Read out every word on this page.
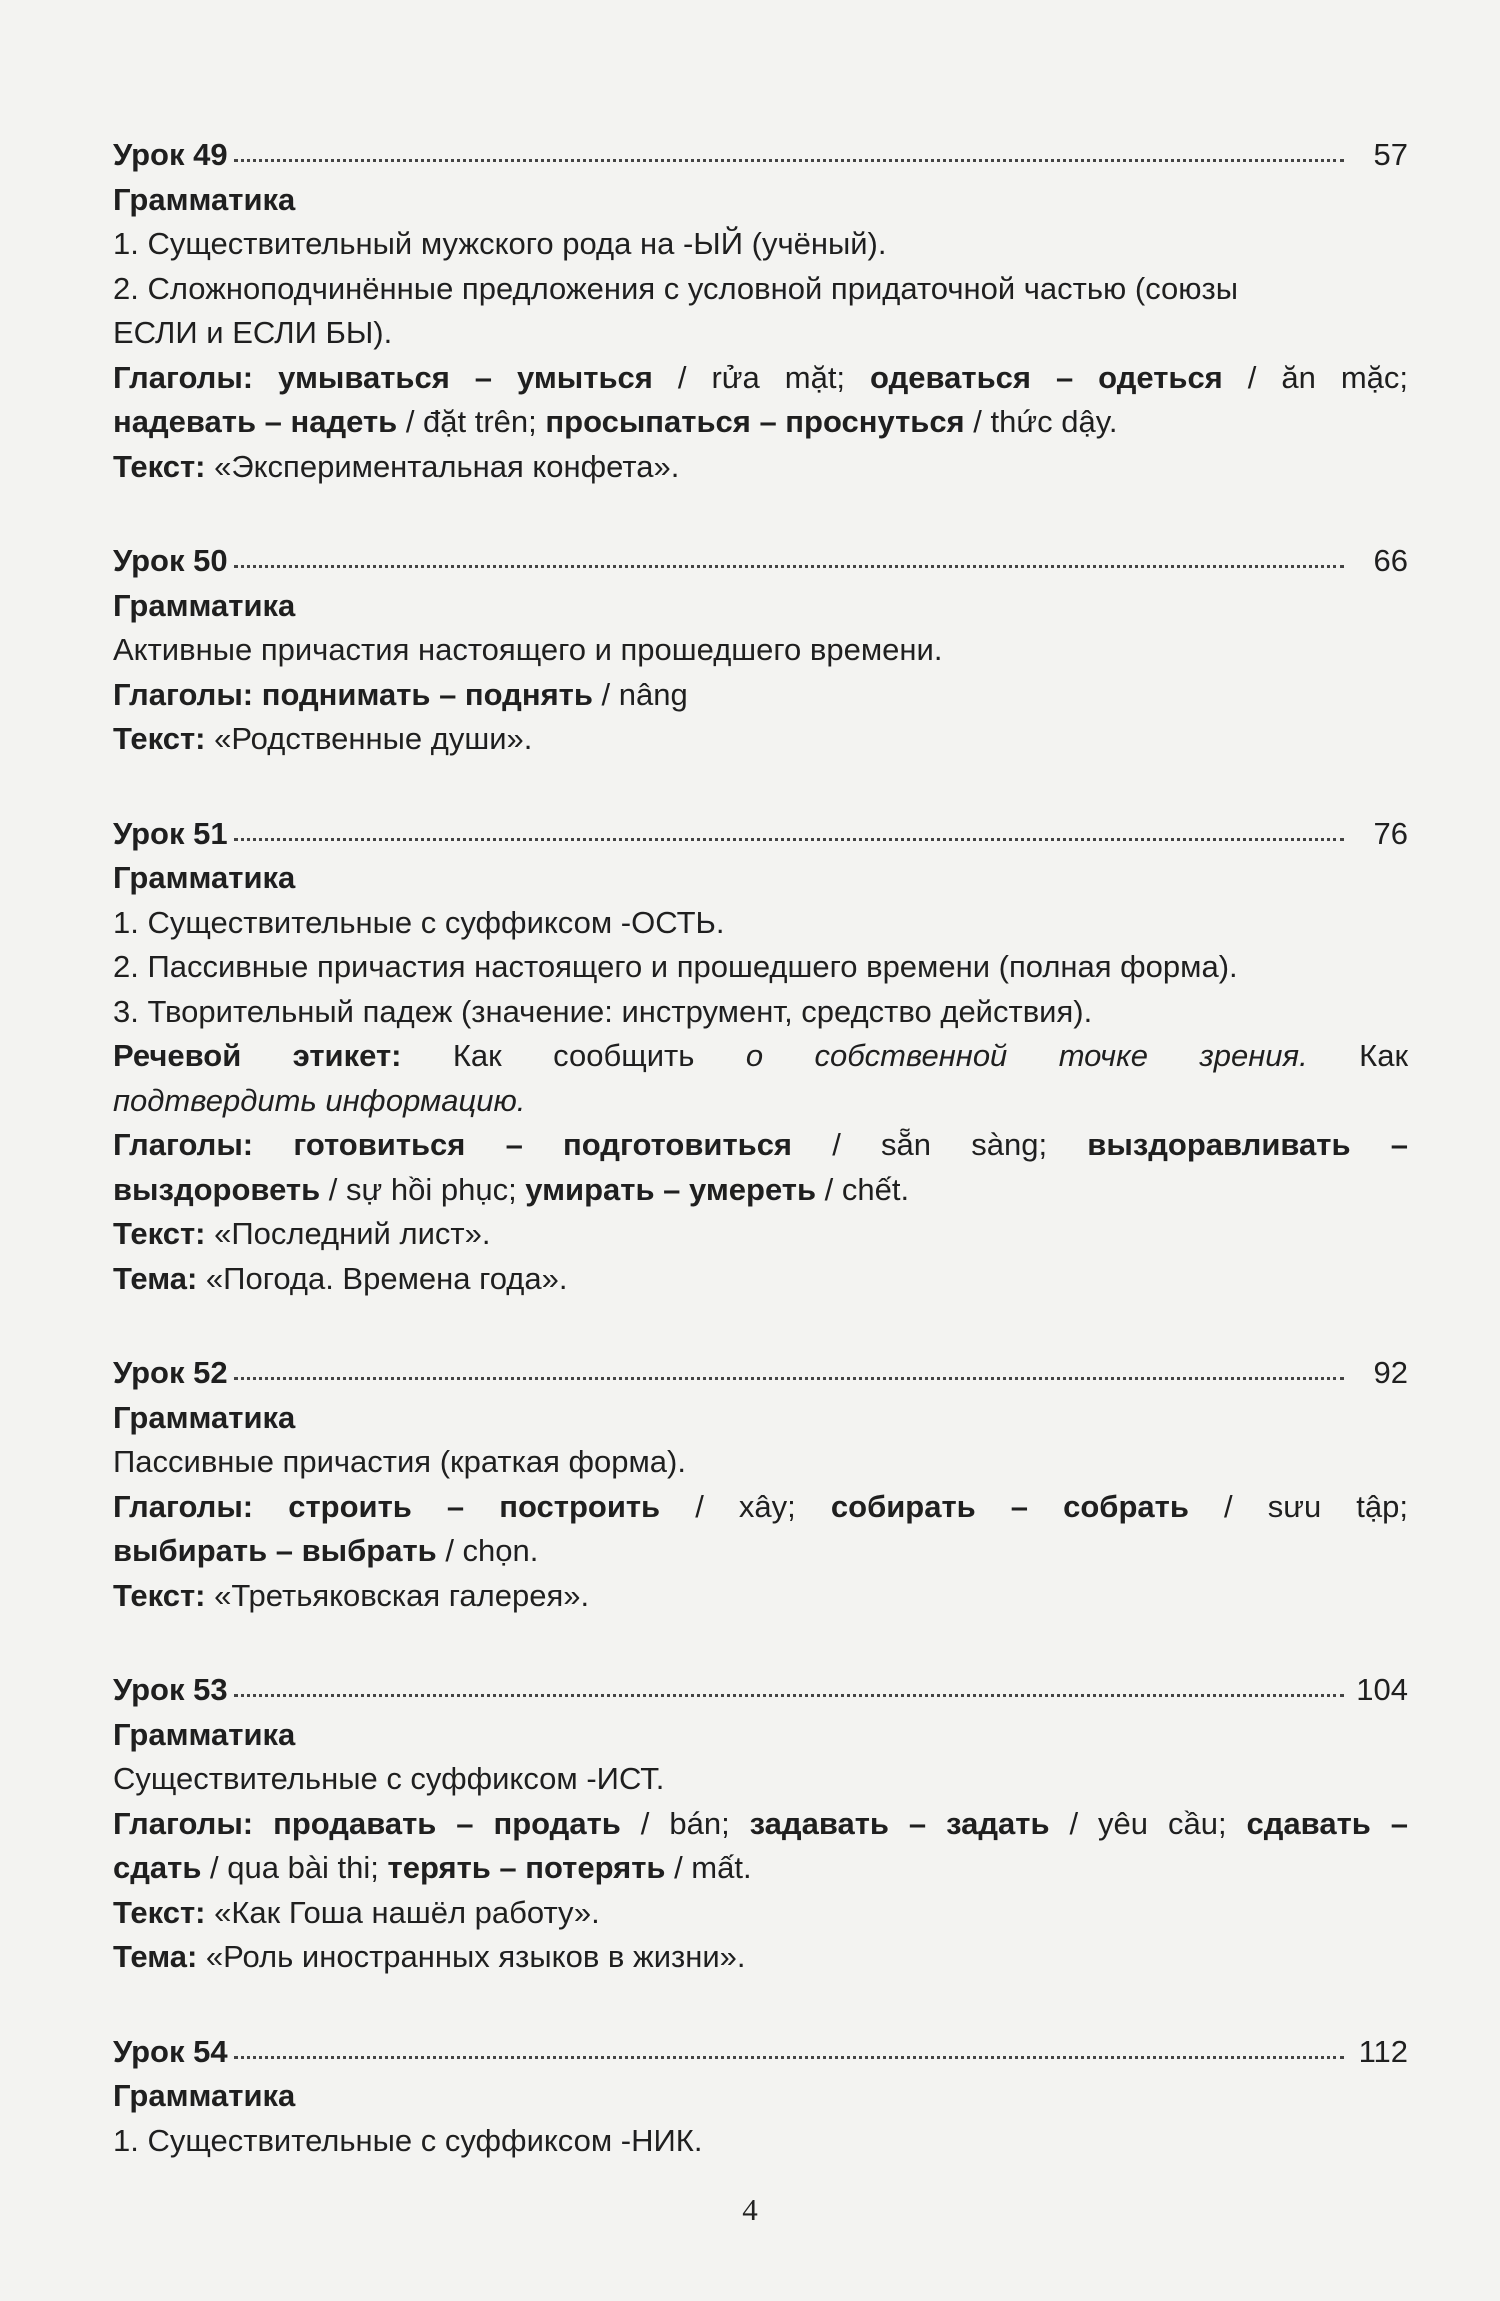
Урок 49	57
Грамматика
1. Существительный мужского рода на -ЫЙ (учёный).
2. Сложноподчинённые предложения с условной придаточной частью (союзы
ЕСЛИ и ЕСЛИ БЫ).
Глаголы: умываться – умыться / rửa mặt; одеваться – одеться / ăn mặc;
надевать – надеть / đặt trên; просыпаться – проснуться / thức dậy.
Текст: «Экспериментальная конфета».
Урок 50	66
Грамматика
Активные причастия настоящего и прошедшего времени.
Глаголы: поднимать – поднять / nâng
Текст: «Родственные души».
Урок 51	76
Грамматика
1. Существительные с суффиксом -ОСТЬ.
2. Пассивные причастия настоящего и прошедшего времени (полная форма).
3. Творительный падеж (значение: инструмент, средство действия).
Речевой этикет: Как сообщить о собственной точке зрения. Как
подтвердить информацию.
Глаголы: готовиться – подготовиться / sẵn sàng; выздоравливать –
выздороветь / sự hồi phục; умирать – умереть / chết.
Текст: «Последний лист».
Тема: «Погода. Времена года».
Урок 52	92
Грамматика
Пассивные причастия (краткая форма).
Глаголы: строить – построить / xây; собирать – собрать / sưu tập;
выбирать – выбрать / chọn.
Текст: «Третьяковская галерея».
Урок 53	104
Грамматика
Существительные с суффиксом -ИСТ.
Глаголы: продавать – продать / bán; задавать – задать / yêu cầu; сдавать –
сдать / qua bài thi; терять – потерять / mất.
Текст: «Как Гоша нашёл работу».
Тема: «Роль иностранных языков в жизни».
Урок 54	112
Грамматика
1. Существительные с суффиксом -НИК.
4
